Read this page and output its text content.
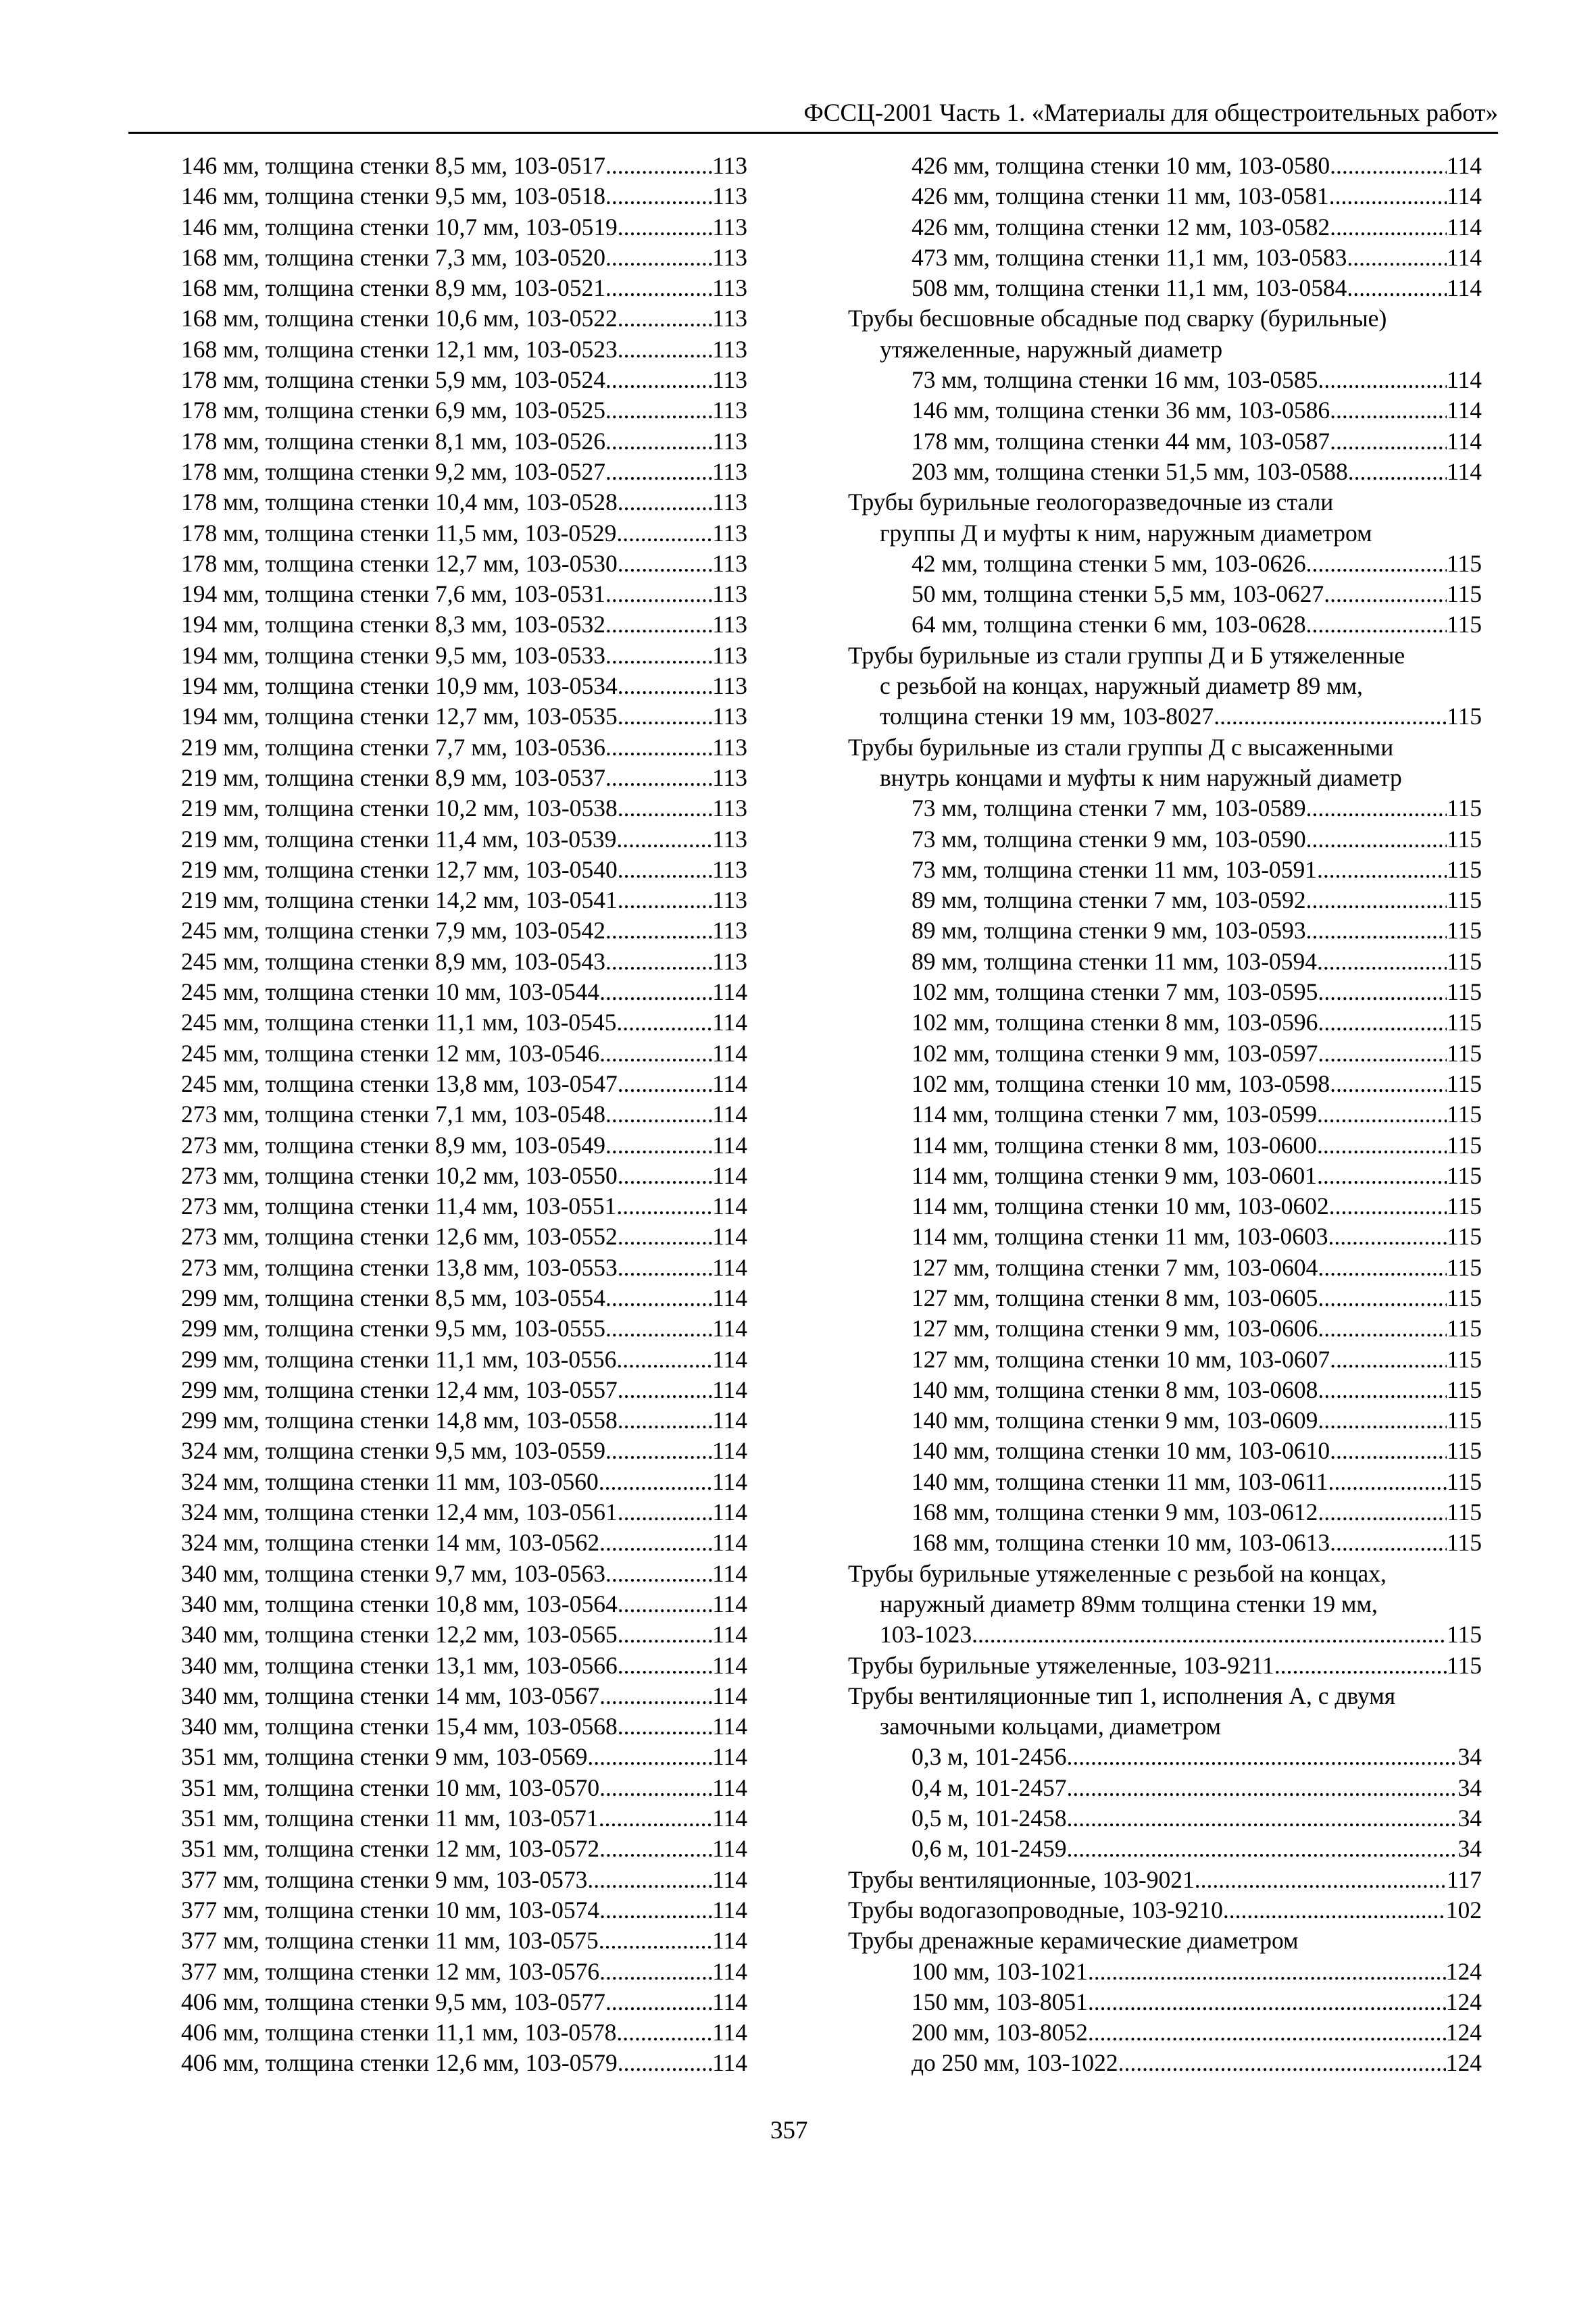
ФССЦ-2001 Часть 1. «Материалы для общестроительных работ»
146 мм, толщина стенки 8,5 мм, 103-0517 .....	113
146 мм, толщина стенки 9,5 мм, 103-0518 .....	113
146 мм, толщина стенки 10,7 мм, 103-0519 .....	113
168 мм, толщина стенки 7,3 мм, 103-0520 .....	113
168 мм, толщина стенки 8,9 мм, 103-0521 .....	113
168 мм, толщина стенки 10,6 мм, 103-0522 .....	113
168 мм, толщина стенки 12,1 мм, 103-0523 .....	113
178 мм, толщина стенки 5,9 мм, 103-0524 .....	113
178 мм, толщина стенки 6,9 мм, 103-0525 .....	113
178 мм, толщина стенки 8,1 мм, 103-0526 .....	113
178 мм, толщина стенки 9,2 мм, 103-0527 .....	113
178 мм, толщина стенки 10,4 мм, 103-0528 .....	113
178 мм, толщина стенки 11,5 мм, 103-0529 .....	113
178 мм, толщина стенки 12,7 мм, 103-0530 .....	113
194 мм, толщина стенки 7,6 мм, 103-0531 .....	113
194 мм, толщина стенки 8,3 мм, 103-0532 .....	113
194 мм, толщина стенки 9,5 мм, 103-0533 .....	113
194 мм, толщина стенки 10,9 мм, 103-0534 .....	113
194 мм, толщина стенки 12,7 мм, 103-0535 .....	113
219 мм, толщина стенки 7,7 мм, 103-0536 .....	113
219 мм, толщина стенки 8,9 мм, 103-0537 .....	113
219 мм, толщина стенки 10,2 мм, 103-0538 .....	113
219 мм, толщина стенки 11,4 мм, 103-0539 .....	113
219 мм, толщина стенки 12,7 мм, 103-0540 .....	113
219 мм, толщина стенки 14,2 мм, 103-0541 .....	113
245 мм, толщина стенки 7,9 мм, 103-0542 .....	113
245 мм, толщина стенки 8,9 мм, 103-0543 .....	113
245 мм, толщина стенки 10 мм, 103-0544 .....	114
245 мм, толщина стенки 11,1 мм, 103-0545 .....	114
245 мм, толщина стенки 12 мм, 103-0546 .....	114
245 мм, толщина стенки 13,8 мм, 103-0547 .....	114
273 мм, толщина стенки 7,1 мм, 103-0548 .....	114
273 мм, толщина стенки 8,9 мм, 103-0549 .....	114
273 мм, толщина стенки 10,2 мм, 103-0550 .....	114
273 мм, толщина стенки 11,4 мм, 103-0551 .....	114
273 мм, толщина стенки 12,6 мм, 103-0552 .....	114
273 мм, толщина стенки 13,8 мм, 103-0553 .....	114
299 мм, толщина стенки 8,5 мм, 103-0554 .....	114
299 мм, толщина стенки 9,5 мм, 103-0555 .....	114
299 мм, толщина стенки 11,1 мм, 103-0556 .....	114
299 мм, толщина стенки 12,4 мм, 103-0557 .....	114
299 мм, толщина стенки 14,8 мм, 103-0558 .....	114
324 мм, толщина стенки 9,5 мм, 103-0559 .....	114
324 мм, толщина стенки 11 мм, 103-0560 .....	114
324 мм, толщина стенки 12,4 мм, 103-0561 .....	114
324 мм, толщина стенки 14 мм, 103-0562 .....	114
340 мм, толщина стенки 9,7 мм, 103-0563 .....	114
340 мм, толщина стенки 10,8 мм, 103-0564 .....	114
340 мм, толщина стенки 12,2 мм, 103-0565 .....	114
340 мм, толщина стенки 13,1 мм, 103-0566 .....	114
340 мм, толщина стенки 14 мм, 103-0567 .....	114
340 мм, толщина стенки 15,4 мм, 103-0568 .....	114
351 мм, толщина стенки 9 мм, 103-0569 .....	114
351 мм, толщина стенки 10 мм, 103-0570 .....	114
351 мм, толщина стенки 11 мм, 103-0571 .....	114
351 мм, толщина стенки 12 мм, 103-0572 .....	114
377 мм, толщина стенки 9 мм, 103-0573 .....	114
377 мм, толщина стенки 10 мм, 103-0574 .....	114
377 мм, толщина стенки 11 мм, 103-0575 .....	114
377 мм, толщина стенки 12 мм, 103-0576 .....	114
406 мм, толщина стенки 9,5 мм, 103-0577 .....	114
406 мм, толщина стенки 11,1 мм, 103-0578 .....	114
406 мм, толщина стенки 12,6 мм, 103-0579 .....	114
426 мм, толщина стенки 10 мм, 103-0580 .....	114
426 мм, толщина стенки 11 мм, 103-0581 .....	114
426 мм, толщина стенки 12 мм, 103-0582 .....	114
473 мм, толщина стенки 11,1 мм, 103-0583 .....	114
508 мм, толщина стенки 11,1 мм, 103-0584 .....	114
Трубы бесшовные обсадные под сварку (бурильные)
утяжеленные, наружный диаметр
73 мм, толщина стенки 16 мм, 103-0585 .....	114
146 мм, толщина стенки 36 мм, 103-0586 .....	114
178 мм, толщина стенки 44 мм, 103-0587 .....	114
203 мм, толщина стенки 51,5 мм, 103-0588 .....	114
Трубы бурильные геологоразведочные из стали
группы Д и муфты к ним, наружным диаметром
42 мм, толщина стенки 5 мм, 103-0626 .....	115
50 мм, толщина стенки 5,5 мм, 103-0627 .....	115
64 мм, толщина стенки 6 мм, 103-0628 .....	115
Трубы бурильные из стали группы Д и Б утяжеленные
с резьбой на концах, наружный диаметр 89 мм,
толщина стенки 19 мм, 103-8027 .....	115
Трубы бурильные из стали группы Д с высаженными
внутрь концами и муфты к ним наружный диаметр
73 мм, толщина стенки 7 мм, 103-0589 .....	115
73 мм, толщина стенки 9 мм, 103-0590 .....	115
73 мм, толщина стенки 11 мм, 103-0591 .....	115
89 мм, толщина стенки 7 мм, 103-0592 .....	115
89 мм, толщина стенки 9 мм, 103-0593 .....	115
89 мм, толщина стенки 11 мм, 103-0594 .....	115
102 мм, толщина стенки 7 мм, 103-0595 .....	115
102 мм, толщина стенки 8 мм, 103-0596 .....	115
102 мм, толщина стенки 9 мм, 103-0597 .....	115
102 мм, толщина стенки 10 мм, 103-0598 .....	115
114 мм, толщина стенки 7 мм, 103-0599 .....	115
114 мм, толщина стенки 8 мм, 103-0600 .....	115
114 мм, толщина стенки 9 мм, 103-0601 .....	115
114 мм, толщина стенки 10 мм, 103-0602 .....	115
114 мм, толщина стенки 11 мм, 103-0603 .....	115
127 мм, толщина стенки 7 мм, 103-0604 .....	115
127 мм, толщина стенки 8 мм, 103-0605 .....	115
127 мм, толщина стенки 9 мм, 103-0606 .....	115
127 мм, толщина стенки 10 мм, 103-0607 .....	115
140 мм, толщина стенки 8 мм, 103-0608 .....	115
140 мм, толщина стенки 9 мм, 103-0609 .....	115
140 мм, толщина стенки 10 мм, 103-0610 .....	115
140 мм, толщина стенки 11 мм, 103-0611 .....	115
168 мм, толщина стенки 9 мм, 103-0612 .....	115
168 мм, толщина стенки 10 мм, 103-0613 .....	115
Трубы бурильные утяжеленные с резьбой на концах,
наружный диаметр 89мм толщина стенки 19 мм,
103-1023 .....	115
Трубы бурильные утяжеленные, 103-9211 .....	115
Трубы вентиляционные тип 1, исполнения А, с двумя
замочными кольцами, диаметром
0,3 м, 101-2456 .....	34
0,4 м, 101-2457 .....	34
0,5 м, 101-2458 .....	34
0,6 м, 101-2459 .....	34
Трубы вентиляционные, 103-9021 .....	117
Трубы водогазопроводные, 103-9210 .....	102
Трубы дренажные керамические диаметром
100 мм, 103-1021 .....	124
150 мм, 103-8051 .....	124
200 мм, 103-8052 .....	124
до 250 мм, 103-1022 .....	124
357
